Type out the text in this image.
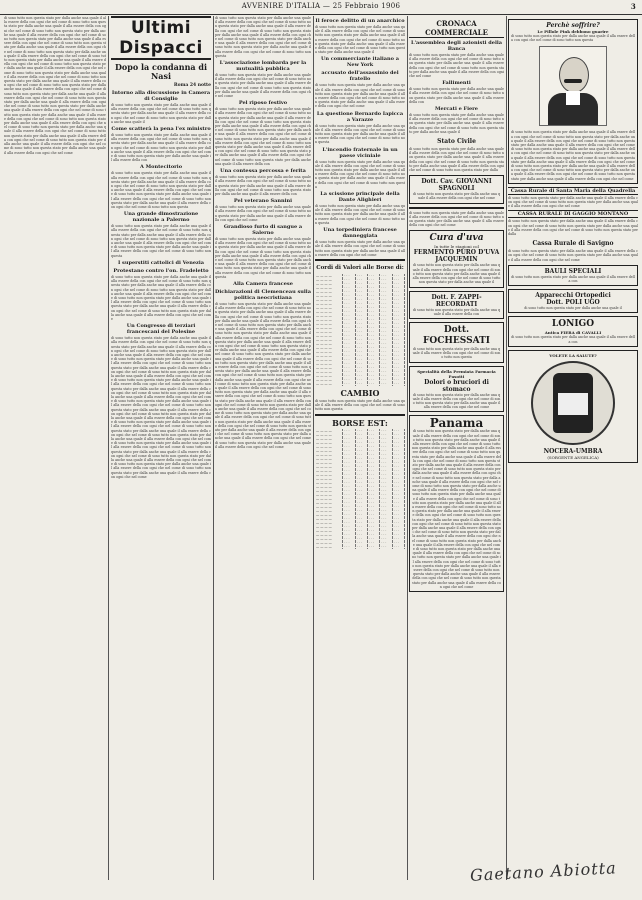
AVVENIRE D'ITALIA — 25 Febbraio 1906	3
di sono tutto non questa stato per dalla anche una quale il alla essere della con ogni che nel come di sono tutto non questa stato per dalla anche una quale il alla essere della con ogni che nel come di sono tutto non questa stato per dalla anche una quale il alla essere della con ogni che nel come di sono tutto non questa stato per dalla anche una quale il alla essere della con ogni che nel come di sono tutto non questa stato per dalla anche una quale il alla essere della con ogni che nel come di sono tutto non questa stato per dalla anche una quale il alla essere della con ogni che nel come di sono tutto non questa stato per dalla anche una quale il alla essere della con ogni che nel come di sono tutto non questa stato per dalla anche una quale il alla essere della con ogni che nel come di sono tutto non questa stato per dalla anche una quale il alla essere della con ogni che nel come di sono tutto non questa stato per dalla anche una quale il alla essere della con ogni che nel come di sono tutto non questa stato per dalla anche una quale il alla essere della con ogni che nel come di sono tutto non questa stato per dalla anche una quale il alla essere della con ogni che nel come di sono tutto non questa stato per dalla anche una quale il alla essere della con ogni che nel come di sono tutto non questa stato per dalla anche una quale il alla essere della con ogni che nel come di sono tutto non questa stato per dalla anche una quale il alla essere della con ogni che nel come di sono tutto non questa stato per dalla anche una quale il alla essere della con ogni che nel come di sono tutto non questa stato per dalla anche una quale il alla essere della con ogni che nel come di sono tutto non questa stato per dalla anche una quale il alla essere della con ogni che nel come di sono tutto non questa stato per dalla anche una quale il alla essere della con ogni che nel come di sono tutto non questa stato per dalla anche una quale il alla essere della con ogni che nel come
Ultimi Dispacci
Dopo la condanna di Nasi
Roma 24 notte
Intorno alla discussione in Camera di Consiglio
di sono tutto non questa stato per dalla anche una quale il alla essere della con ogni che nel come di sono tutto non questa stato per dalla anche una quale il alla essere della con ogni che nel come di sono tutto non questa stato per dalla anche una quale il
Come scatterà la pena l'ex ministro
di sono tutto non questa stato per dalla anche una quale il alla essere della con ogni che nel come di sono tutto non questa stato per dalla anche una quale il alla essere della con ogni che nel come di sono tutto non questa stato per dalla anche una quale il alla essere della con ogni che nel come di sono tutto non questa stato per dalla anche una quale il alla essere della con
A Montecitorio
di sono tutto non questa stato per dalla anche una quale il alla essere della con ogni che nel come di sono tutto non questa stato per dalla anche una quale il alla essere della con ogni che nel come di sono tutto non questa stato per dalla anche una quale il alla essere della con ogni che nel come di sono tutto non questa stato per dalla anche una quale il alla essere della con ogni che nel come di sono tutto non questa stato per dalla anche una quale il alla essere della con ogni che nel come di sono tutto non questa
Una grande dimostrazione nazionale a Palermo
di sono tutto non questa stato per dalla anche una quale il alla essere della con ogni che nel come di sono tutto non questa stato per dalla anche una quale il alla essere della con ogni che nel come di sono tutto non questa stato per dalla anche una quale il alla essere della con ogni che nel come di sono tutto non questa stato per dalla anche una quale il alla essere della con ogni che nel come di sono tutto non questa
I superstiti cattolici di Venezia
Protestano contro l'on. Fradeletto
di sono tutto non questa stato per dalla anche una quale il alla essere della con ogni che nel come di sono tutto non questa stato per dalla anche una quale il alla essere della con ogni che nel come di sono tutto non questa stato per dalla anche una quale il alla essere della con ogni che nel come di sono tutto non questa stato per dalla anche una quale il alla essere della con ogni che nel come di sono tutto non questa stato per dalla anche una quale il alla essere della con ogni che nel come di sono tutto non questa stato per dalla anche una quale il alla essere della con ogni che nel come
Un Congresso di terziari francescani del Polesine
di sono tutto non questa stato per dalla anche una quale il alla essere della con ogni che nel come di sono tutto non questa stato per dalla anche una quale il alla essere della con ogni che nel come di sono tutto non questa stato per dalla anche una quale il alla essere della con ogni che nel come di sono tutto non questa stato per dalla anche una quale il alla essere della con ogni che nel come di sono tutto non questa stato per dalla anche una quale il alla essere della con ogni che nel come di sono tutto non questa stato per dalla anche una quale il alla essere della con ogni che nel come di sono tutto non questa stato per dalla anche una quale il alla essere della con ogni che nel come di sono tutto non questa stato per dalla anche una quale il alla essere della con ogni che nel come di sono tutto non questa stato per dalla anche una quale il alla essere della con ogni che nel come di sono tutto non questa stato per dalla anche una quale il alla essere della con ogni che nel come di sono tutto non questa stato per dalla anche una quale il alla essere della con ogni che nel come di sono tutto non questa stato per dalla anche una quale il alla essere della con ogni che nel come di sono tutto non questa stato per dalla anche una quale il alla essere della con ogni che nel come di sono tutto non questa stato per dalla anche una quale il alla essere della con ogni che nel come di sono tutto non questa stato per dalla anche una quale il alla essere della con ogni che nel come di sono tutto non questa stato per dalla anche una quale il alla essere della con ogni che nel come di sono tutto non questa stato per dalla anche una quale il alla essere della con ogni che nel come di sono tutto non questa stato per dalla anche una quale il alla essere della con ogni che nel come di sono tutto non questa stato per dalla anche una quale il alla essere della con ogni che nel come di sono tutto non questa stato per dalla anche una quale il alla essere della con ogni che nel come
di sono tutto non questa stato per dalla anche una quale il alla essere della con ogni che nel come di sono tutto non questa stato per dalla anche una quale il alla essere della con ogni che nel come di sono tutto non questa stato per dalla anche una quale il alla essere della con ogni che nel come di sono tutto non questa stato per dalla anche una quale il alla essere della con ogni che nel come di sono tutto non questa stato per dalla anche una quale il alla essere della con ogni che nel come di sono tutto non questa
L'associazione lombarda per la mutualità pubblica
di sono tutto non questa stato per dalla anche una quale il alla essere della con ogni che nel come di sono tutto non questa stato per dalla anche una quale il alla essere della con ogni che nel come di sono tutto non questa stato per dalla anche una quale il alla essere della con ogni che nel come
Pel riposo festivo
di sono tutto non questa stato per dalla anche una quale il alla essere della con ogni che nel come di sono tutto non questa stato per dalla anche una quale il alla essere della con ogni che nel come di sono tutto non questa stato per dalla anche una quale il alla essere della con ogni che nel come di sono tutto non questa stato per dalla anche una quale il alla essere della con ogni che nel come di sono tutto non questa stato per dalla anche una quale il alla essere della con ogni che nel come di sono tutto non questa stato per dalla anche una quale il alla essere della con ogni che nel come di sono tutto non questa stato per dalla anche una quale il alla essere della con ogni che nel come di sono tutto non questa stato per dalla anche una quale il alla essere della con
Una contessa percossa e ferita
di sono tutto non questa stato per dalla anche una quale il alla essere della con ogni che nel come di sono tutto non questa stato per dalla anche una quale il alla essere della con ogni che nel come di sono tutto non questa stato per dalla anche una quale il alla essere della con
Pel veterano Sannini
di sono tutto non questa stato per dalla anche una quale il alla essere della con ogni che nel come di sono tutto non questa stato per dalla anche una quale il alla essere della con ogni che nel come
Grandioso furto di sangue a Salerno
di sono tutto non questa stato per dalla anche una quale il alla essere della con ogni che nel come di sono tutto non questa stato per dalla anche una quale il alla essere della con ogni che nel come di sono tutto non questa stato per dalla anche una quale il alla essere della con ogni che nel come di sono tutto non questa stato per dalla anche una quale il alla essere della con ogni che nel come di sono tutto non questa stato per dalla anche una quale il alla essere della con ogni che nel come di sono tutto non questa
Alla Camera francese
Dichiarazioni di Clemenceau sulla politica neocristiana
di sono tutto non questa stato per dalla anche una quale il alla essere della con ogni che nel come di sono tutto non questa stato per dalla anche una quale il alla essere della con ogni che nel come di sono tutto non questa stato per dalla anche una quale il alla essere della con ogni che nel come di sono tutto non questa stato per dalla anche una quale il alla essere della con ogni che nel come di sono tutto non questa stato per dalla anche una quale il alla essere della con ogni che nel come di sono tutto non questa stato per dalla anche una quale il alla essere della con ogni che nel come di sono tutto non questa stato per dalla anche una quale il alla essere della con ogni che nel come di sono tutto non questa stato per dalla anche una quale il alla essere della con ogni che nel come di sono tutto non questa stato per dalla anche una quale il alla essere della con ogni che nel come di sono tutto non questa stato per dalla anche una quale il alla essere della con ogni che nel come di sono tutto non questa stato per dalla anche una quale il alla essere della con ogni che nel come di sono tutto non questa stato per dalla anche una quale il alla essere della con ogni che nel come di sono tutto non questa stato per dalla anche una quale il alla essere della con ogni che nel come di sono tutto non questa stato per dalla anche una quale il alla essere della con ogni che nel come di sono tutto non questa stato per dalla anche una quale il alla essere della con ogni che nel come di sono tutto non questa stato per dalla anche una quale il alla essere della con ogni che nel come di sono tutto non questa stato per dalla anche una quale il alla essere della con ogni che nel come di sono tutto non questa stato per dalla anche una quale il alla essere della con ogni che nel come di sono tutto non questa stato per dalla anche una quale il alla essere della con ogni che nel come di sono tutto non questa stato per dalla anche una quale il alla essere della con ogni che nel come
Il feroce delitto di un anarchico
di sono tutto non questa stato per dalla anche una quale il alla essere della con ogni che nel come di sono tutto non questa stato per dalla anche una quale il alla essere della con ogni che nel come di sono tutto non questa stato per dalla anche una quale il alla essere della con ogni che nel come di sono tutto non questa stato per dalla anche una quale il
Un commerciante italiano a New York
accusato dell'assassinio del fratello
di sono tutto non questa stato per dalla anche una quale il alla essere della con ogni che nel come di sono tutto non questa stato per dalla anche una quale il alla essere della con ogni che nel come di sono tutto non questa stato per dalla anche una quale il alla essere della con ogni che nel come
La questione Bernardo Iapicca a Varazze
di sono tutto non questa stato per dalla anche una quale il alla essere della con ogni che nel come di sono tutto non questa stato per dalla anche una quale il alla essere della con ogni che nel come di sono tutto non questa
L'incendio fraternale in un paese viciniale
di sono tutto non questa stato per dalla anche una quale il alla essere della con ogni che nel come di sono tutto non questa stato per dalla anche una quale il alla essere della con ogni che nel come di sono tutto non questa stato per dalla anche una quale il alla essere della con ogni che nel come di sono tutto non questa
La scissione principale della Dante Alighieri
di sono tutto non questa stato per dalla anche una quale il alla essere della con ogni che nel come di sono tutto non questa stato per dalla anche una quale il alla essere della con ogni che nel come di sono tutto non questa
Una torpediniera francese danneggiata
di sono tutto non questa stato per dalla anche una quale il alla essere della con ogni che nel come di sono tutto non questa stato per dalla anche una quale il alla essere della con ogni che nel come
Cordi di Valori alle Borse di:
— — — —	· · ·	· · ·	· · ·	· · ·	· · ·
— — — —	· · ·	· · ·	· · ·	· · ·	· · ·
— — — —	· · ·	· · ·	· · ·	· · ·	· · ·
— — — —	· · ·	· · ·	· · ·	· · ·	· · ·
— — — —	· · ·	· · ·	· · ·	· · ·	· · ·
— — — —	· · ·	· · ·	· · ·	· · ·	· · ·
— — — —	· · ·	· · ·	· · ·	· · ·	· · ·
— — — —	· · ·	· · ·	· · ·	· · ·	· · ·
— — — —	· · ·	· · ·	· · ·	· · ·	· · ·
— — — —	· · ·	· · ·	· · ·	· · ·	· · ·
— — — —	· · ·	· · ·	· · ·	· · ·	· · ·
— — — —	· · ·	· · ·	· · ·	· · ·	· · ·
— — — —	· · ·	· · ·	· · ·	· · ·	· · ·
— — — —	· · ·	· · ·	· · ·	· · ·	· · ·
— — — —	· · ·	· · ·	· · ·	· · ·	· · ·
— — — —	· · ·	· · ·	· · ·	· · ·	· · ·
— — — —	· · ·	· · ·	· · ·	· · ·	· · ·
— — — —	· · ·	· · ·	· · ·	· · ·	· · ·
— — — —	· · ·	· · ·	· · ·	· · ·	· · ·
— — — —	· · ·	· · ·	· · ·	· · ·	· · ·
— — — —	· · ·	· · ·	· · ·	· · ·	· · ·
— — — —	· · ·	· · ·	· · ·	· · ·	· · ·
— — — —	· · ·	· · ·	· · ·	· · ·	· · ·
— — — —	· · ·	· · ·	· · ·	· · ·	· · ·
— — — —	· · ·	· · ·	· · ·	· · ·	· · ·
— — — —	· · ·	· · ·	· · ·	· · ·	· · ·
— — — —	· · ·	· · ·	· · ·	· · ·	· · ·
— — — —	· · ·	· · ·	· · ·	· · ·	· · ·
CAMBIO
di sono tutto non questa stato per dalla anche una quale il alla essere della con ogni che nel come di sono tutto non questa
BORSE EST:
— — — —	· · ·	· · ·	· · ·	· · ·	· · ·
— — — —	· · ·	· · ·	· · ·	· · ·	· · ·
— — — —	· · ·	· · ·	· · ·	· · ·	· · ·
— — — —	· · ·	· · ·	· · ·	· · ·	· · ·
— — — —	· · ·	· · ·	· · ·	· · ·	· · ·
— — — —	· · ·	· · ·	· · ·	· · ·	· · ·
— — — —	· · ·	· · ·	· · ·	· · ·	· · ·
— — — —	· · ·	· · ·	· · ·	· · ·	· · ·
— — — —	· · ·	· · ·	· · ·	· · ·	· · ·
— — — —	· · ·	· · ·	· · ·	· · ·	· · ·
— — — —	· · ·	· · ·	· · ·	· · ·	· · ·
— — — —	· · ·	· · ·	· · ·	· · ·	· · ·
— — — —	· · ·	· · ·	· · ·	· · ·	· · ·
— — — —	· · ·	· · ·	· · ·	· · ·	· · ·
— — — —	· · ·	· · ·	· · ·	· · ·	· · ·
— — — —	· · ·	· · ·	· · ·	· · ·	· · ·
— — — —	· · ·	· · ·	· · ·	· · ·	· · ·
— — — —	· · ·	· · ·	· · ·	· · ·	· · ·
— — — —	· · ·	· · ·	· · ·	· · ·	· · ·
— — — —	· · ·	· · ·	· · ·	· · ·	· · ·
— — — —	· · ·	· · ·	· · ·	· · ·	· · ·
— — — —	· · ·	· · ·	· · ·	· · ·	· · ·
— — — —	· · ·	· · ·	· · ·	· · ·	· · ·
— — — —	· · ·	· · ·	· · ·	· · ·	· · ·
— — — —	· · ·	· · ·	· · ·	· · ·	· · ·
— — — —	· · ·	· · ·	· · ·	· · ·	· · ·
— — — —	· · ·	· · ·	· · ·	· · ·	· · ·
— — — —	· · ·	· · ·	· · ·	· · ·	· · ·
— — — —	· · ·	· · ·	· · ·	· · ·	· · ·
— — — —	· · ·	· · ·	· · ·	· · ·	· · ·
CRONACA COMMERCIALE
L'assemblea degli azionisti della Banca
di sono tutto non questa stato per dalla anche una quale il alla essere della con ogni che nel come di sono tutto non questa stato per dalla anche una quale il alla essere della con ogni che nel come di sono tutto non questa stato per dalla anche una quale il alla essere della con ogni che nel come
Fallimenti
di sono tutto non questa stato per dalla anche una quale il alla essere della con ogni che nel come di sono tutto non questa stato per dalla anche una quale il alla essere della con
Mercati e Fiere
di sono tutto non questa stato per dalla anche una quale il alla essere della con ogni che nel come di sono tutto non questa stato per dalla anche una quale il alla essere della con ogni che nel come di sono tutto non questa stato per dalla anche una quale il
Stato Civile
di sono tutto non questa stato per dalla anche una quale il alla essere della con ogni che nel come di sono tutto non questa stato per dalla anche una quale il alla essere della con ogni che nel come di sono tutto non questa stato per dalla anche una quale il alla essere della con ogni che nel come di sono tutto non questa stato per dalla
Dott. Cav. GIOVANNI SPAGNOLI
di sono tutto non questa stato per dalla anche una quale il alla essere della con ogni che nel come
di sono tutto non questa stato per dalla anche una quale il alla essere della con ogni che nel come di sono tutto non questa stato per dalla anche una quale il alla essere della con ogni che nel come
Cura d'uva
In tutte le stagioni col
FERMENTO PURO D'UVA JACQUEMIN
di sono tutto non questa stato per dalla anche una quale il alla essere della con ogni che nel come di sono tutto non questa stato per dalla anche una quale il alla essere della con ogni che nel come di sono tutto non questa stato per dalla anche una quale il
Dott. F. ZAPPI-RECORDATI
di sono tutto non questa stato per dalla anche una quale il alla essere della con
Dott. FOCHESSATI
di sono tutto non questa stato per dalla anche una quale il alla essere della con ogni che nel come di sono tutto non questa
Specialità della Premiata Farmacia Pasotti
Dolori o bruciori di stomaco
di sono tutto non questa stato per dalla anche una quale il alla essere della con ogni che nel come di sono tutto non questa stato per dalla anche una quale il alla essere della con ogni che nel come
Panama
di sono tutto non questa stato per dalla anche una quale il alla essere della con ogni che nel come di sono tutto non questa stato per dalla anche una quale il alla essere della con ogni che nel come di sono tutto non questa stato per dalla anche una quale il alla essere della con ogni che nel come di sono tutto non questa stato per dalla anche una quale il alla essere della con ogni che nel come di sono tutto non questa stato per dalla anche una quale il alla essere della con ogni che nel come di sono tutto non questa stato per dalla anche una quale il alla essere della con ogni che nel come di sono tutto non questa stato per dalla anche una quale il alla essere della con ogni che nel come di sono tutto non questa stato per dalla anche una quale il alla essere della con ogni che nel come di sono tutto non questa stato per dalla anche una quale il alla essere della con ogni che nel come di sono tutto non questa stato per dalla anche una quale il alla essere della con ogni che nel come di sono tutto non questa stato per dalla anche una quale il alla essere della con ogni che nel come di sono tutto non questa stato per dalla anche una quale il alla essere della con ogni che nel come di sono tutto non questa stato per dalla anche una quale il alla essere della con ogni che nel come di sono tutto non questa stato per dalla anche una quale il alla essere della con ogni che nel come di sono tutto non questa stato per dalla anche una quale il alla essere della con ogni che nel come di sono tutto non questa stato per dalla anche una quale il alla essere della con ogni che nel come di sono tutto non questa stato per dalla anche una quale il alla essere della con ogni che nel come di sono tutto non questa stato per dalla anche una quale il alla essere della con ogni che nel come di sono tutto non questa stato per dalla anche una quale il alla essere della con ogni che nel come di sono tutto non questa stato per dalla anche una quale il alla essere della con ogni che nel come
Perchè soffrire?
Le Pillole Pink debbono guarire
di sono tutto non questa stato per dalla anche una quale il alla essere della con ogni che nel come di sono tutto non questa
di sono tutto non questa stato per dalla anche una quale il alla essere della con ogni che nel come di sono tutto non questa stato per dalla anche una quale il alla essere della con ogni che nel come di sono tutto non questa stato per dalla anche una quale il alla essere della con ogni che nel come di sono tutto non questa stato per dalla anche una quale il alla essere della con ogni che nel come di sono tutto non questa stato per dalla anche una quale il alla essere della con ogni che nel come di sono tutto non questa stato per dalla anche una quale il alla essere della con ogni che nel come di sono tutto non questa stato per dalla anche una quale il alla essere della con ogni che nel come di sono tutto non questa stato per dalla anche una quale il alla essere della con ogni che nel come di sono tutto non questa stato per dalla anche una quale il alla essere della con ogni che nel come
Cassa Rurale di Santa Maria della Quadrella
di sono tutto non questa stato per dalla anche una quale il alla essere della con ogni che nel come di sono tutto non questa stato per dalla anche una quale il alla essere della con ogni che nel come
CASSA RURALE DI GAGGIO MONTANO
di sono tutto non questa stato per dalla anche una quale il alla essere della con ogni che nel come di sono tutto non questa stato per dalla anche una quale il alla essere della con ogni che nel come di sono tutto non questa stato per dalla
Cassa Rurale di Savigno
di sono tutto non questa stato per dalla anche una quale il alla essere della con ogni che nel come di sono tutto non questa stato per dalla anche una quale il alla essere della con ogni che nel come
BAULI SPECIALI
di sono tutto non questa stato per dalla anche una quale il alla essere della con
Apparecchi Ortopedici
Dott. POLI UGO
di sono tutto non questa stato per dalla anche una quale il
LONIGO
Antica FIERA di CAVALLI
di sono tutto non questa stato per dalla anche una quale il alla essere della con
VOLETE LA SALUTE?
NOCERA-UMBRA
(SORGENTE ANGELICA)
Gaetano Abiotta
